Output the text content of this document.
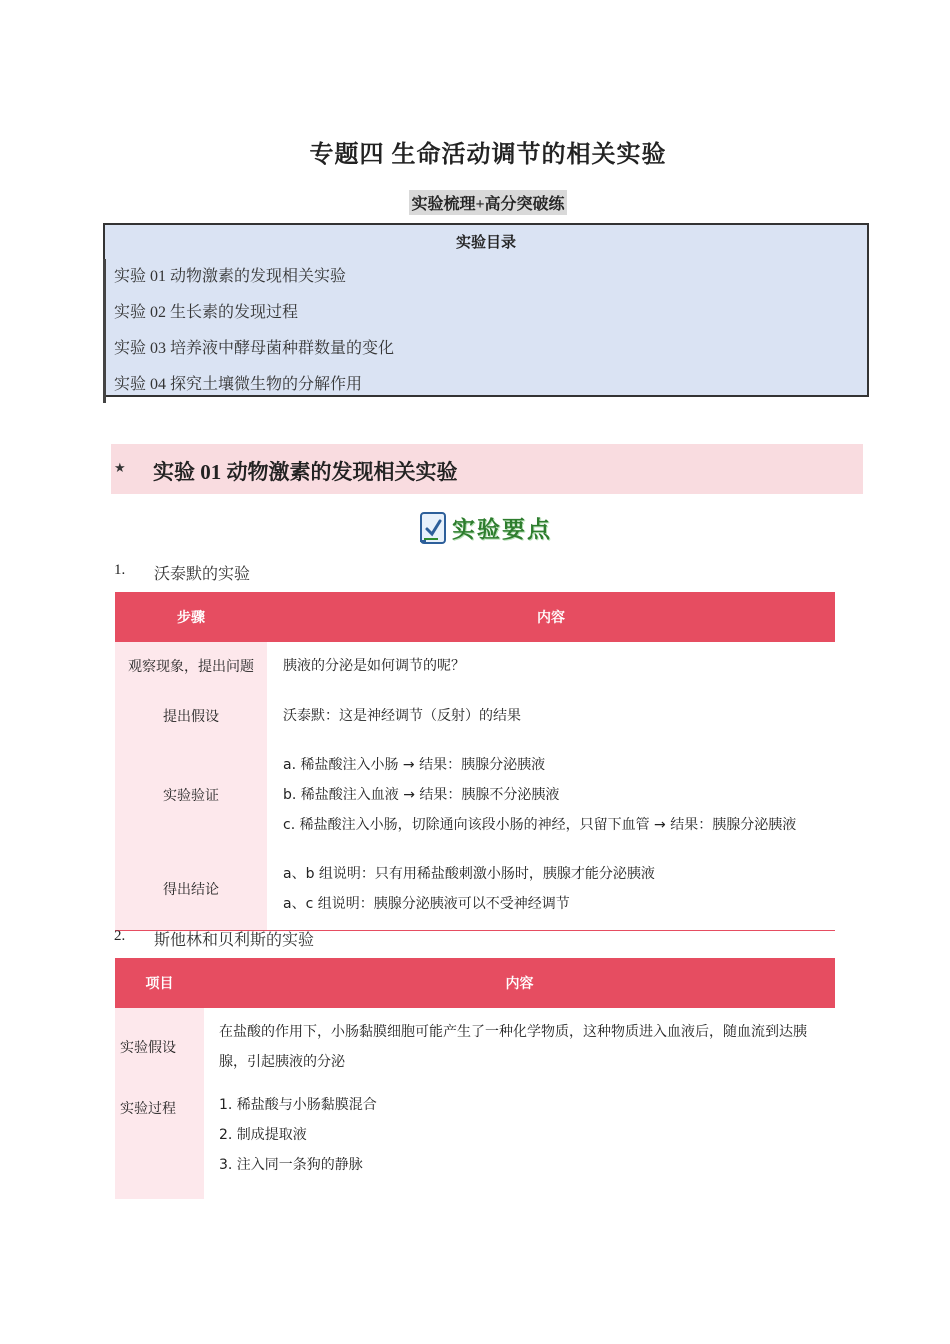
专题四 生命活动调节的相关实验
实验梳理+高分突破练
实验目录
实验 01 动物激素的发现相关实验
实验 02 生长素的发现过程
实验 03 培养液中酵母菌种群数量的变化
实验 04 探究土壤微生物的分解作用
★ 实验 01 动物激素的发现相关实验
实验要点
1. 沃泰默的实验
步骤	内容
观察现象，提出问题	胰液的分泌是如何调节的呢？

提出假设	沃泰默：这是神经调节（反射）的结果

实验验证	a. 稀盐酸注入小肠 → 结果：胰腺分泌胰液
b. 稀盐酸注入血液 → 结果：胰腺不分泌胰液
c. 稀盐酸注入小肠，切除通向该段小肠的神经，只留下血管 → 结果：胰腺分泌胰液

得出结论	a、b 组说明：只有用稀盐酸刺激小肠时，胰腺才能分泌胰液
a、c 组说明：胰腺分泌胰液可以不受神经调节
2. 斯他林和贝利斯的实验
项目	内容
实验假设	在盐酸的作用下，小肠黏膜细胞可能产生了一种化学物质，这种物质进入血液后，随血流到达胰腺，引起胰液的分泌

实验过程	1. 稀盐酸与小肠黏膜混合
2. 制成提取液
3. 注入同一条狗的静脉
